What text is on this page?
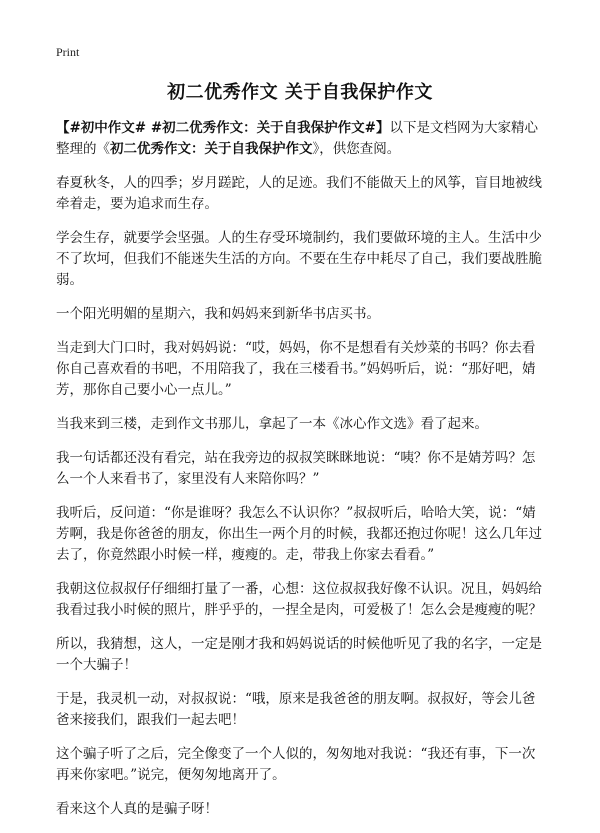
Print
初二优秀作文 关于自我保护作文

【#初中作文# #初二优秀作文：关于自我保护作文#】以下是文档网为大家精心整理的《初二优秀作文：关于自我保护作文》，供您查阅。

春夏秋冬，人的四季；岁月蹉跎，人的足迹。我们不能做天上的风筝，盲目地被线牵着走，要为追求而生存。

学会生存，就要学会坚强。人的生存受环境制约，我们要做环境的主人。生活中少不了坎坷，但我们不能迷失生活的方向。不要在生存中耗尽了自己，我们要战胜脆弱。

一个阳光明媚的星期六，我和妈妈来到新华书店买书。

当走到大门口时，我对妈妈说：“哎，妈妈，你不是想看有关炒菜的书吗？你去看你自己喜欢看的书吧，不用陪我了，我在三楼看书。”妈妈听后，说：“那好吧，婧芳，那你自己要小心一点儿。”

当我来到三楼，走到作文书那儿，拿起了一本《冰心作文选》看了起来。

我一句话都还没有看完，站在我旁边的叔叔笑眯眯地说：“咦？你不是婧芳吗？怎么一个人来看书了，家里没有人来陪你吗？”

我听后，反问道：“你是谁呀？我怎么不认识你？”叔叔听后，哈哈大笑，说：“婧芳啊，我是你爸爸的朋友，你出生一两个月的时候，我都还抱过你呢！这么几年过去了，你竟然跟小时候一样，瘦瘦的。走，带我上你家去看看。”

我朝这位叔叔仔仔细细打量了一番，心想：这位叔叔我好像不认识。况且，妈妈给我看过我小时候的照片，胖乎乎的，一捏全是肉，可爱极了！怎么会是瘦瘦的呢？

所以，我猜想，这人，一定是刚才我和妈妈说话的时候他听见了我的名字，一定是一个大骗子！

于是，我灵机一动，对叔叔说：“哦，原来是我爸爸的朋友啊。叔叔好，等会儿爸爸来接我们，跟我们一起去吧！

这个骗子听了之后，完全像变了一个人似的，匆匆地对我说：“我还有事，下一次再来你家吧。”说完，便匆匆地离开了。

看来这个人真的是骗子呀！
